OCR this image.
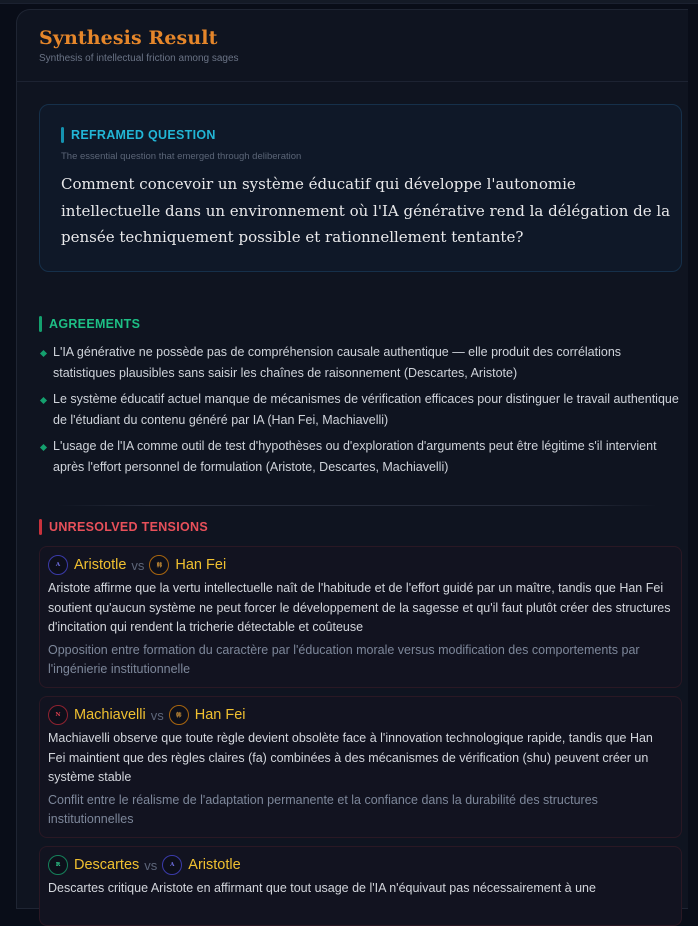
Synthesis Result
Synthesis of intellectual friction among sages
REFRAMED QUESTION
The essential question that emerged through deliberation
Comment concevoir un système éducatif qui développe l'autonomie intellectuelle dans un environnement où l'IA générative rend la délégation de la pensée techniquement possible et rationnellement tentante?
AGREEMENTS
L'IA générative ne possède pas de compréhension causale authentique — elle produit des corrélations statistiques plausibles sans saisir les chaînes de raisonnement (Descartes, Aristote)
Le système éducatif actuel manque de mécanismes de vérification efficaces pour distinguer le travail authentique de l'étudiant du contenu généré par IA (Han Fei, Machiavelli)
L'usage de l'IA comme outil de test d'hypothèses ou d'exploration d'arguments peut être légitime s'il intervient après l'effort personnel de formulation (Aristote, Descartes, Machiavelli)
UNRESOLVED TENSIONS
A Aristotle vs	韩 Han Fei
Aristote affirme que la vertu intellectuelle naît de l'habitude et de l'effort guidé par un maître, tandis que Han Fei soutient qu'aucun système ne peut forcer le développement de la sagesse et qu'il faut plutôt créer des structures d'incitation qui rendent la tricherie détectable et coûteuse
Opposition entre formation du caractère par l'éducation morale versus modification des comportements par l'ingénierie institutionnelle
N Machiavelli vs	韩 Han Fei
Machiavelli observe que toute règle devient obsolète face à l'innovation technologique rapide, tandis que Han Fei maintient que des règles claires (fa) combinées à des mécanismes de vérification (shu) peuvent créer un système stable
Conflit entre le réalisme de l'adaptation permanente et la confiance dans la durabilité des structures institutionnelles
R Descartes vs	A Aristotle
Descartes critique Aristote en affirmant que tout usage de l'IA n'équivaut pas nécessairement à une
